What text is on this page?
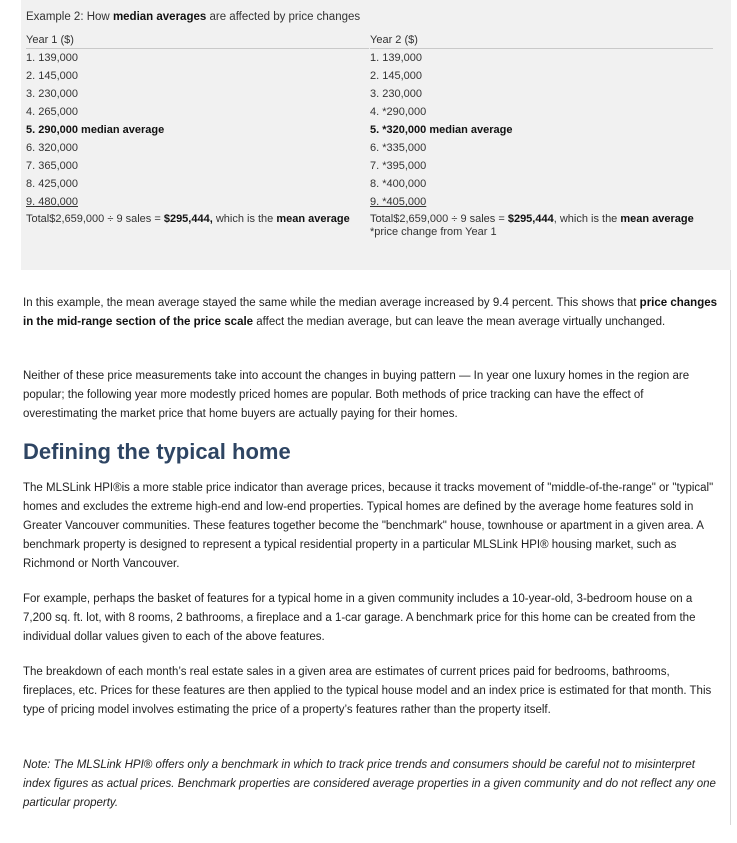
Example 2: How median averages are affected by price changes
Year 1 ($)
1. 139,000
2. 145,000
3. 230,000
4. 265,000
5. 290,000 median average
6. 320,000
7. 365,000
8. 425,000
9. 480,000
Total$2,659,000 ÷ 9 sales = $295,444, which is the mean average
Year 2 ($)
1. 139,000
2. 145,000
3. 230,000
4. *290,000
5. *320,000 median average
6. *335,000
7. *395,000
8. *400,000
9. *405,000
Total$2,659,000 ÷ 9 sales = $295,444, which is the mean average
*price change from Year 1
In this example, the mean average stayed the same while the median average increased by 9.4 percent. This shows that price changes in the mid-range section of the price scale affect the median average, but can leave the mean average virtually unchanged.
Neither of these price measurements take into account the changes in buying pattern — In year one luxury homes in the region are popular; the following year more modestly priced homes are popular. Both methods of price tracking can have the effect of overestimating the market price that home buyers are actually paying for their homes.
Defining the typical home
The MLSLink HPI®is a more stable price indicator than average prices, because it tracks movement of "middle-of-the-range" or "typical" homes and excludes the extreme high-end and low-end properties. Typical homes are defined by the average home features sold in Greater Vancouver communities. These features together become the "benchmark" house, townhouse or apartment in a given area. A benchmark property is designed to represent a typical residential property in a particular MLSLink HPI® housing market, such as Richmond or North Vancouver.
For example, perhaps the basket of features for a typical home in a given community includes a 10-year-old, 3-bedroom house on a 7,200 sq. ft. lot, with 8 rooms, 2 bathrooms, a fireplace and a 1-car garage. A benchmark price for this home can be created from the individual dollar values given to each of the above features.
The breakdown of each month’s real estate sales in a given area are estimates of current prices paid for bedrooms, bathrooms, fireplaces, etc. Prices for these features are then applied to the typical house model and an index price is estimated for that month. This type of pricing model involves estimating the price of a property’s features rather than the property itself.
Note: The MLSLink HPI® offers only a benchmark in which to track price trends and consumers should be careful not to misinterpret index figures as actual prices. Benchmark properties are considered average properties in a given community and do not reflect any one particular property.
